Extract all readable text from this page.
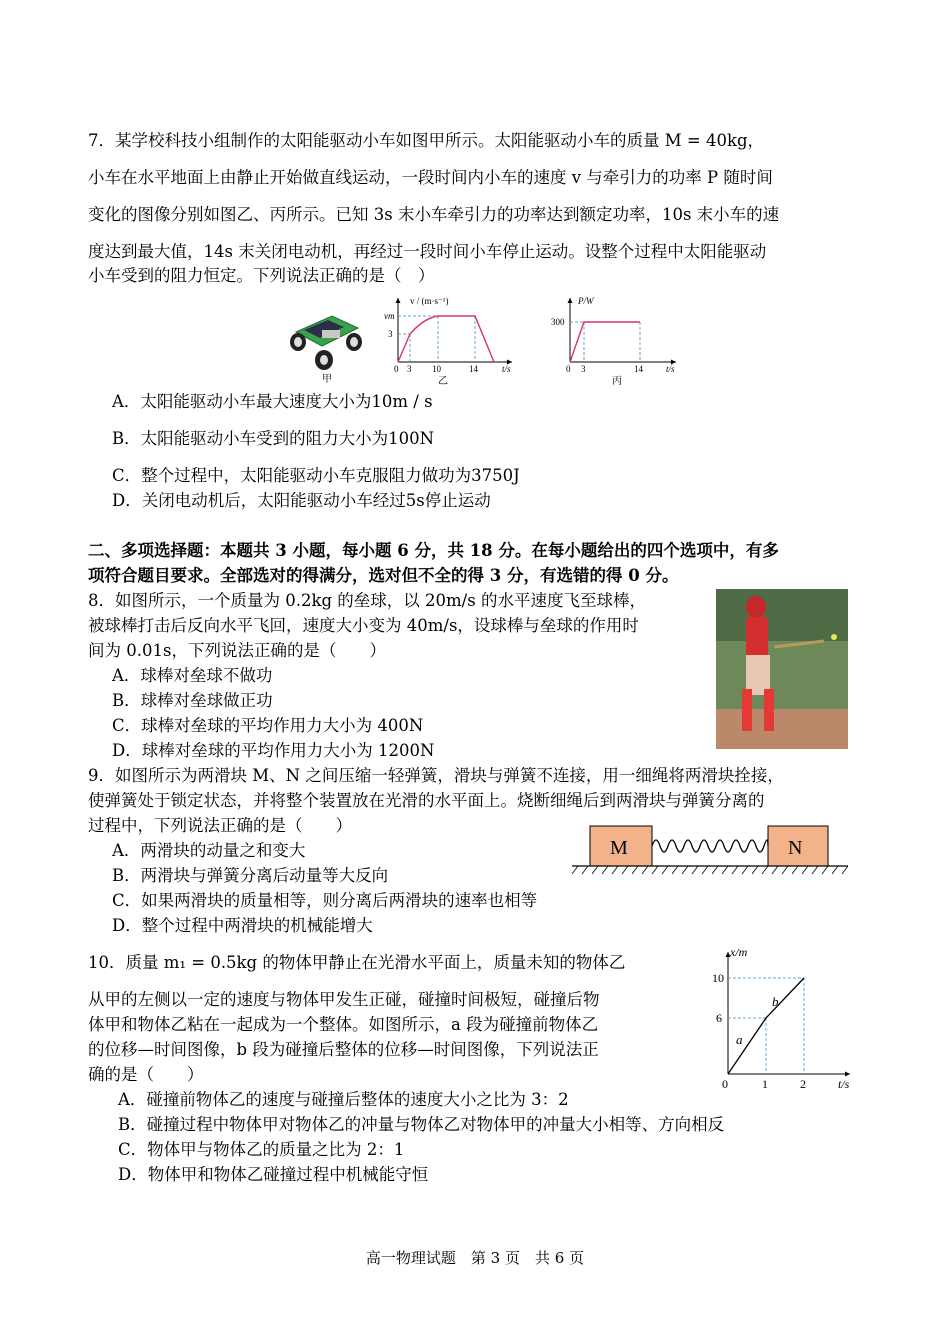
7．某学校科技小组制作的太阳能驱动小车如图甲所示。太阳能驱动小车的质量 M = 40kg，
小车在水平地面上由静止开始做直线运动，一段时间内小车的速度 v 与牵引力的功率 P 随时间
变化的图像分别如图乙、丙所示。已知 3s 末小车牵引力的功率达到额定功率，10s 末小车的速
度达到最大值，14s 末关闭电动机，再经过一段时间小车停止运动。设整个过程中太阳能驱动
小车受到的阻力恒定。下列说法正确的是（　）
甲
v / (m·s⁻¹)
vm
3
0 3 10	14	t/s
乙
P/W
300
0 3	14	t/s
丙
A．太阳能驱动小车最大速度大小为10m / s
B．太阳能驱动小车受到的阻力大小为100N
C．整个过程中，太阳能驱动小车克服阻力做功为3750J
D．关闭电动机后，太阳能驱动小车经过5s停止运动
二、多项选择题：本题共 3 小题，每小题 6 分，共 18 分。在每小题给出的四个选项中，有多
项符合题目要求。全部选对的得满分，选对但不全的得 3 分，有选错的得 0 分。
8．如图所示，一个质量为 0.2kg 的垒球，以 20m/s 的水平速度飞至球棒，
被球棒打击后反向水平飞回，速度大小变为 40m/s，设球棒与垒球的作用时
间为 0.01s，下列说法正确的是（　　）
A．球棒对垒球不做功
B．球棒对垒球做正功
C．球棒对垒球的平均作用力大小为 400N
D．球棒对垒球的平均作用力大小为 1200N
9．如图所示为两滑块 M、N 之间压缩一轻弹簧，滑块与弹簧不连接，用一细绳将两滑块拴接，
使弹簧处于锁定状态，并将整个装置放在光滑的水平面上。烧断细绳后到两滑块与弹簧分离的
过程中，下列说法正确的是（　　）
M	N
A．两滑块的动量之和变大
B．两滑块与弹簧分离后动量等大反向
C．如果两滑块的质量相等，则分离后两滑块的速率也相等
D．整个过程中两滑块的机械能增大
10．质量 m₁ = 0.5kg 的物体甲静止在光滑水平面上，质量未知的物体乙
从甲的左侧以一定的速度与物体甲发生正碰，碰撞时间极短，碰撞后物
体甲和物体乙粘在一起成为一个整体。如图所示，a 段为碰撞前物体乙
的位移—时间图像，b 段为碰撞后整体的位移—时间图像，下列说法正
确的是（　　）
x/m
10
6
0	1	2	t/s
a
b
A．碰撞前物体乙的速度与碰撞后整体的速度大小之比为 3：2
B．碰撞过程中物体甲对物体乙的冲量与物体乙对物体甲的冲量大小相等、方向相反
C．物体甲与物体乙的质量之比为 2：1
D．物体甲和物体乙碰撞过程中机械能守恒
高一物理试题　第 3 页　共 6 页
